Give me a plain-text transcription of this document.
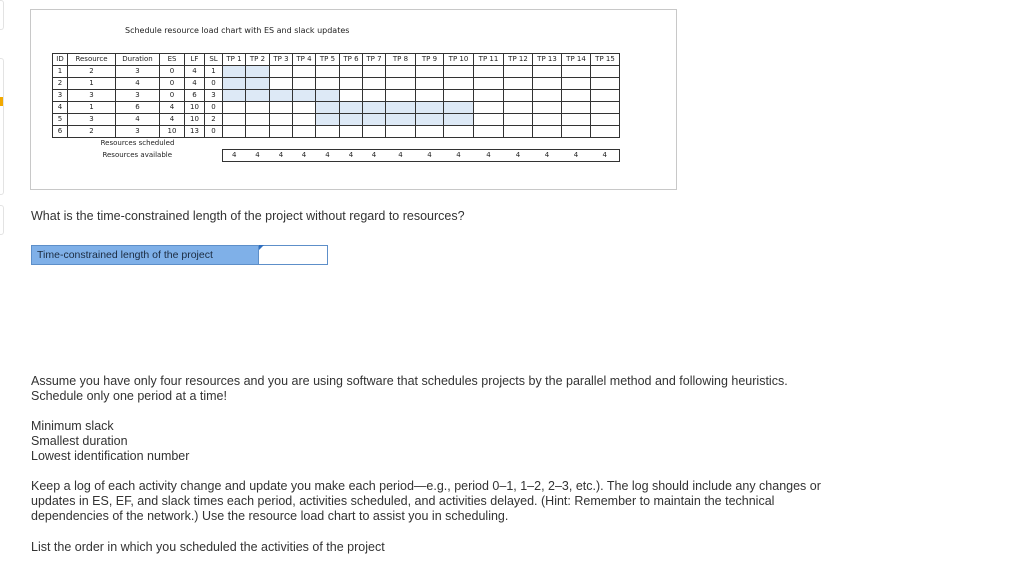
Schedule resource load chart with ES and slack updates
ID	Resource	Duration	ES	LF	SL	TP 1	TP 2	TP 3	TP 4	TP 5	TP 6	TP 7	TP 8	TP 9	TP 10	TP 11	TP 12	TP 13	TP 14	TP 15
1	2	3	0	4	1															
2	1	4	0	4	0															
3	3	3	0	6	3															
4	1	6	4	10	0															
5	3	4	4	10	2															
6	2	3	10	13	0															
Resources scheduled																				
Resources available						4	4	4	4	4	4	4	4	4	4	4	4	4	4	4
What is the time-constrained length of the project without regard to resources?
Time-constrained length of the project
Assume you have only four resources and you are using software that schedules projects by the parallel method and following heuristics. Schedule only one period at a time!
Minimum slack
Smallest duration
Lowest identification number
Keep a log of each activity change and update you make each period—e.g., period 0–1, 1–2, 2–3, etc.). The log should include any changes or updates in ES, EF, and slack times each period, activities scheduled, and activities delayed. (Hint: Remember to maintain the technical dependencies of the network.) Use the resource load chart to assist you in scheduling.
List the order in which you scheduled the activities of the project
